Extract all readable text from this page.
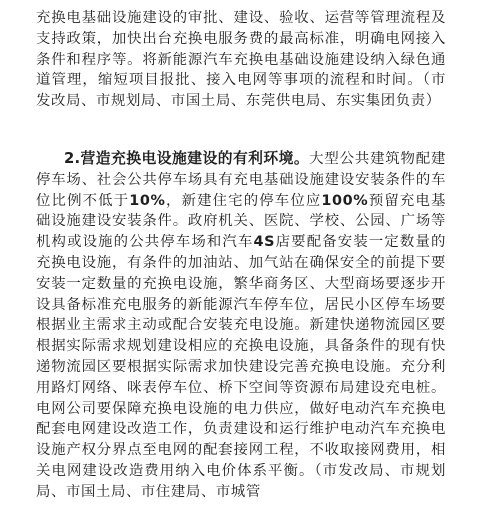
充换电基础设施建设的审批、建设、验收、运营等管理流程及支持政策，加快出台充换电服务费的最高标准，明确电网接入条件和程序等。将新能源汽车充换电基础设施建设纳入绿色通道管理，缩短项目报批、接入电网等事项的流程和时间。（市发改局、市规划局、市国土局、东莞供电局、东实集团负责）

2.营造充换电设施建设的有利环境。大型公共建筑物配建停车场、社会公共停车场具有充电基础设施建设安装条件的车位比例不低于10%，新建住宅的停车位应100%预留充电基础设施建设安装条件。政府机关、医院、学校、公园、广场等机构或设施的公共停车场和汽车4S店要配备安装一定数量的充换电设施，有条件的加油站、加气站在确保安全的前提下要安装一定数量的充换电设施，繁华商务区、大型商场要逐步开设具备标准充电服务的新能源汽车停车位，居民小区停车场要根据业主需求主动或配合安装充电设施。新建快递物流园区要根据实际需求规划建设相应的充换电设施，具备条件的现有快递物流园区要根据实际需求加快建设完善充换电设施。充分利用路灯网络、咪表停车位、桥下空间等资源布局建设充电桩。电网公司要保障充换电设施的电力供应，做好电动汽车充换电配套电网建设改造工作，负责建设和运行维护电动汽车充换电设施产权分界点至电网的配套接网工程，不收取接网费用，相关电网建设改造费用纳入电价体系平衡。（市发改局、市规划局、市国土局、市住建局、市城管
